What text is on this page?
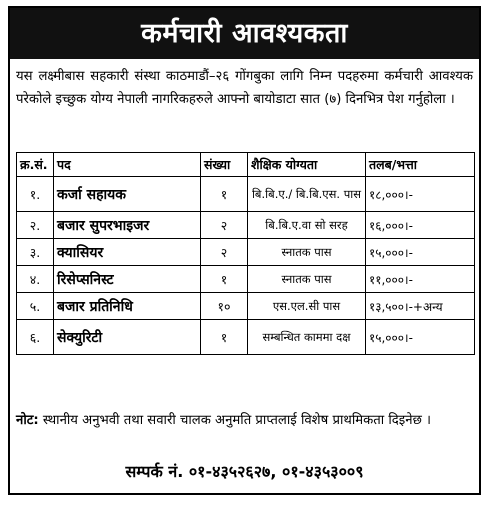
कर्मचारी आवश्यकता
यस लक्ष्मीबास सहकारी संस्था काठमाडौं–२६ गोंगबुका लागि निम्न पदहरुमा कर्मचारी आवश्यक परेकोले इच्छुक योग्य नेपाली नागरिकहरुले आफ्नो बायोडाटा सात (७) दिनभित्र पेश गर्नुहोला ।
क्र.सं.	पद	संख्या	शैक्षिक योग्यता	तलब/भत्ता
१.	कर्जा सहायक	१	बि.बि.ए./ बि.बि.एस. पास	१८,०००।-
२.	बजार सुपरभाइजर	२	बि.बि.ए.वा सो सरह	१६,०००।-
३.	क्यासियर	२	स्नातक पास	१५,०००।-
४.	रिसेप्सनिस्ट	१	स्नातक पास	११,०००।-
५.	बजार प्रतिनिधि	१०	एस.एल.सी पास	१३,५००।-+अन्य
६.	सेक्युरिटी	१	सम्बन्धित काममा दक्ष	१५,०००।-
नोट: स्थानीय अनुभवी तथा सवारी चालक अनुमति प्राप्तलाई विशेष प्राथमिकता दिइनेछ ।
सम्पर्क नं. ०१-४३५२६२७, ०१-४३५३००९
